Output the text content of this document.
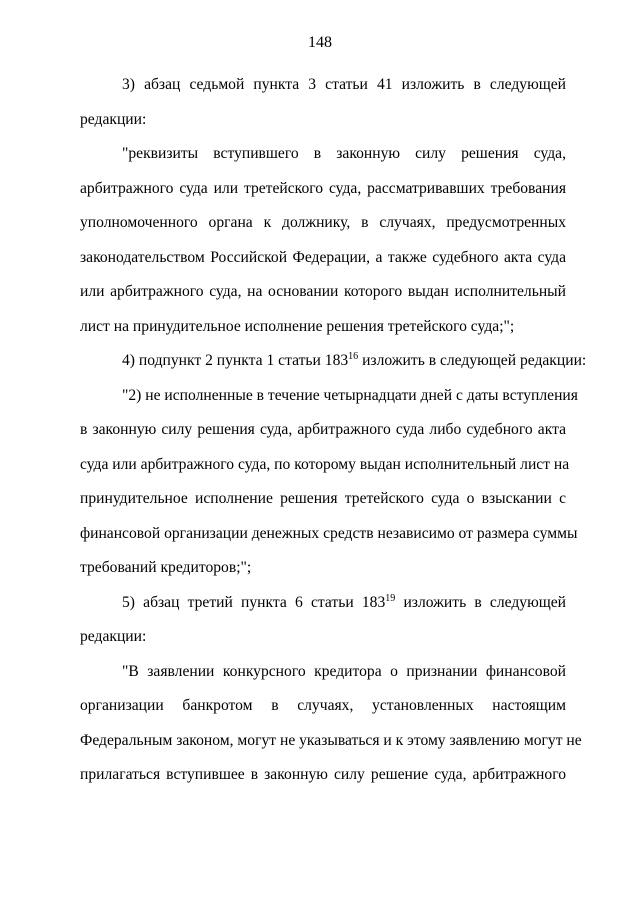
148

3) абзац седьмой пункта 3 статьи 41 изложить в следующей
редакции:

"реквизиты вступившего в законную силу решения суда,
арбитражного суда или третейского суда, рассматривавших требования
уполномоченного органа к должнику, в случаях, предусмотренных
законодательством Российской Федерации, а также судебного акта суда
или арбитражного суда, на основании которого выдан исполнительный
лист на принудительное исполнение решения третейского суда;";

4) подпункт 2 пункта 1 статьи $183^{16}$ изложить в следующей редакции:

"2) не исполненные в течение четырнадцати дней с даты вступления
в законную силу решения суда, арбитражного суда либо судебного акта
суда или арбитражного суда, по которому выдан исполнительный лист на
принудительное исполнение решения третейского суда о взыскании с
финансовой организации денежных средств независимо от размера суммы
требований кредиторов;";

5) абзац третий пункта 6 статьи $183^{19}$ изложить в следующей
редакции:

"В заявлении конкурсного кредитора о признании финансовой
организации банкротом в случаях, установленных настоящим
Федеральным законом, могут не указываться и к этому заявлению могут не
прилагаться вступившее в законную силу решение суда, арбитражного
